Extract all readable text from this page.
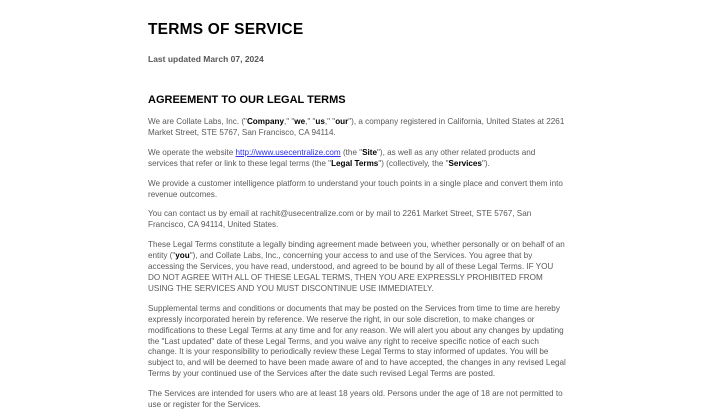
TERMS OF SERVICE
Last updated March 07, 2024
AGREEMENT TO OUR LEGAL TERMS

We are Collate Labs, Inc. ("Company," "we," "us," "our"), a company registered in California, United States at 2261 Market Street, STE 5767, San Francisco, CA 94114.

We operate the website http://www.usecentralize.com (the "Site"), as well as any other related products and services that refer or link to these legal terms (the "Legal Terms") (collectively, the "Services").

We provide a customer intelligence platform to understand your touch points in a single place and convert them into revenue outcomes.

You can contact us by email at rachit@usecentralize.com or by mail to 2261 Market Street, STE 5767, San Francisco, CA 94114, United States.

These Legal Terms constitute a legally binding agreement made between you, whether personally or on behalf of an entity ("you"), and Collate Labs, Inc., concerning your access to and use of the Services. You agree that by accessing the Services, you have read, understood, and agreed to be bound by all of these Legal Terms. IF YOU DO NOT AGREE WITH ALL OF THESE LEGAL TERMS, THEN YOU ARE EXPRESSLY PROHIBITED FROM USING THE SERVICES AND YOU MUST DISCONTINUE USE IMMEDIATELY.

Supplemental terms and conditions or documents that may be posted on the Services from time to time are hereby expressly incorporated herein by reference. We reserve the right, in our sole discretion, to make changes or modifications to these Legal Terms at any time and for any reason. We will alert you about any changes by updating the "Last updated" date of these Legal Terms, and you waive any right to receive specific notice of each such change. It is your responsibility to periodically review these Legal Terms to stay informed of updates. You will be subject to, and will be deemed to have been made aware of and to have accepted, the changes in any revised Legal Terms by your continued use of the Services after the date such revised Legal Terms are posted.

The Services are intended for users who are at least 18 years old. Persons under the age of 18 are not permitted to use or register for the Services.
